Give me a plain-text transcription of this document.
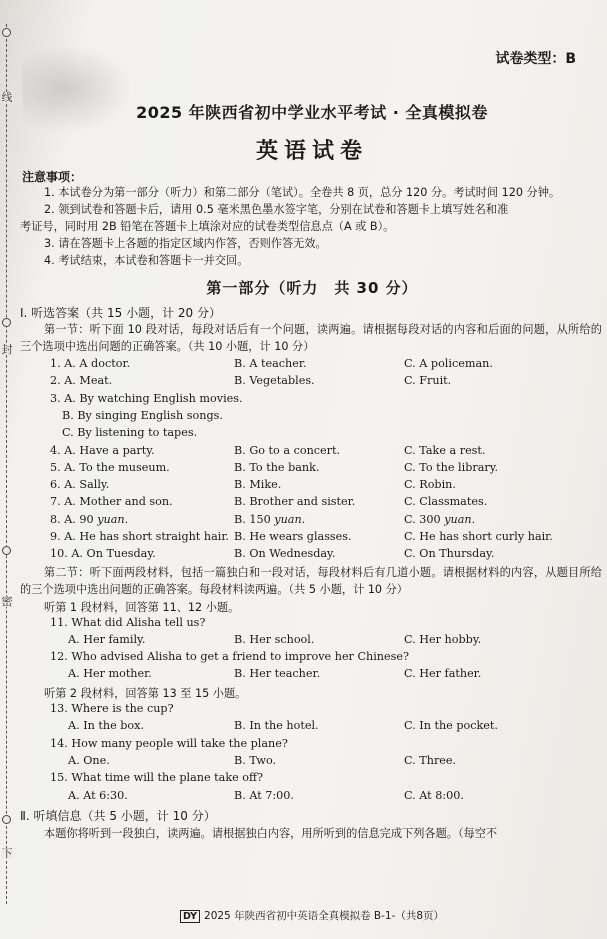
线
封
密
下
试卷类型：B
2025 年陕西省初中学业水平考试 · 全真模拟卷
英语试卷
注意事项：
1. 本试卷分为第一部分（听力）和第二部分（笔试）。全卷共 8 页，总分 120 分。考试时间 120 分钟。
2. 领到试卷和答题卡后，请用 0.5 毫米黑色墨水签字笔，分别在试卷和答题卡上填写姓名和准
考证号，同时用 2B 铅笔在答题卡上填涂对应的试卷类型信息点（A 或 B）。
3. 请在答题卡上各题的指定区域内作答，否则作答无效。
4. 考试结束，本试卷和答题卡一并交回。
第一部分（听力　共 30 分）
Ⅰ. 听选答案（共 15 小题，计 20 分）
第一节：听下面 10 段对话，每段对话后有一个问题，读两遍。请根据每段对话的内容和后面的问题，从所给的三个选项中选出问题的正确答案。（共 10 小题，计 10 分）
1. A. A doctor.	B. A teacher.	C. A policeman.
2. A. Meat.	B. Vegetables.	C. Fruit.
3. A. By watching English movies.
B. By singing English songs.
C. By listening to tapes.
4. A. Have a party.	B. Go to a concert.	C. Take a rest.
5. A. To the museum.	B. To the bank.	C. To the library.
6. A. Sally.	B. Mike.	C. Robin.
7. A. Mother and son.	B. Brother and sister.	C. Classmates.
8. A. 90 yuan.	B. 150 yuan.	C. 300 yuan.
9. A. He has short straight hair. B. He wears glasses.	C. He has short curly hair.
10. A. On Tuesday.	B. On Wednesday.	C. On Thursday.
第二节：听下面两段材料，包括一篇独白和一段对话，每段材料后有几道小题。请根据材料的内容，从题目所给的三个选项中选出问题的正确答案。每段材料读两遍。（共 5 小题，计 10 分）
听第 1 段材料，回答第 11、12 小题。
11. What did Alisha tell us?
A. Her family.	B. Her school.	C. Her hobby.
12. Who advised Alisha to get a friend to improve her Chinese?
A. Her mother.	B. Her teacher.	C. Her father.
听第 2 段材料，回答第 13 至 15 小题。
13. Where is the cup?
A. In the box.	B. In the hotel.	C. In the pocket.
14. How many people will take the plane?
A. One.	B. Two.	C. Three.
15. What time will the plane take off?
A. At 6:30.	B. At 7:00.	C. At 8:00.
Ⅱ. 听填信息（共 5 小题，计 10 分）
本题你将听到一段独白，读两遍。请根据独白内容，用所听到的信息完成下列各题。（每空不
DY 2025 年陕西省初中英语全真模拟卷 B-1-（共8页）
